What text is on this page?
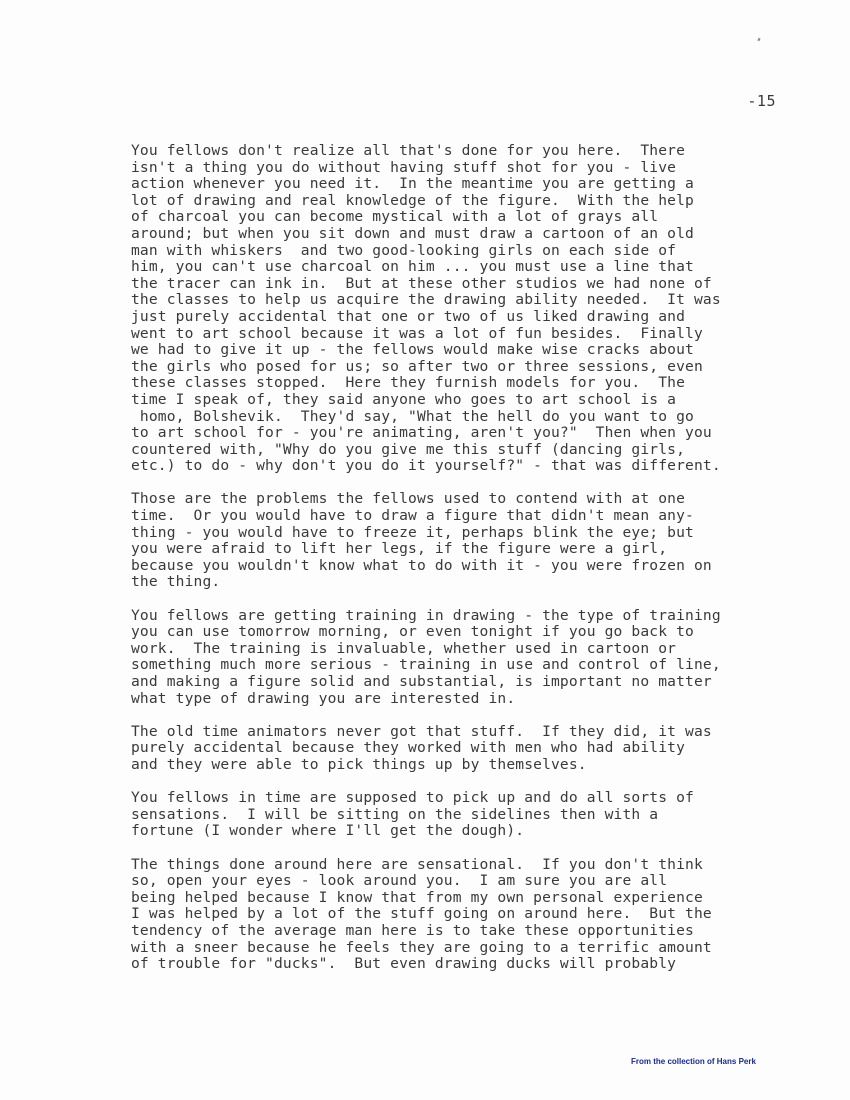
-15
You fellows don't realize all that's done for you here.  There
isn't a thing you do without having stuff shot for you - live
action whenever you need it.  In the meantime you are getting a
lot of drawing and real knowledge of the figure.  With the help
of charcoal you can become mystical with a lot of grays all
around; but when you sit down and must draw a cartoon of an old
man with whiskers  and two good-looking girls on each side of
him, you can't use charcoal on him ... you must use a line that
the tracer can ink in.  But at these other studios we had none of
the classes to help us acquire the drawing ability needed.  It was
just purely accidental that one or two of us liked drawing and
went to art school because it was a lot of fun besides.  Finally
we had to give it up - the fellows would make wise cracks about
the girls who posed for us; so after two or three sessions, even
these classes stopped.  Here they furnish models for you.  The
time I speak of, they said anyone who goes to art school is a
homo, Bolshevik.  They'd say, "What the hell do you want to go
to art school for - you're animating, aren't you?"  Then when you
countered with, "Why do you give me this stuff (dancing girls,
etc.) to do - why don't you do it yourself?" - that was different.
Those are the problems the fellows used to contend with at one
time.  Or you would have to draw a figure that didn't mean any-
thing - you would have to freeze it, perhaps blink the eye; but
you were afraid to lift her legs, if the figure were a girl,
because you wouldn't know what to do with it - you were frozen on
the thing.
You fellows are getting training in drawing - the type of training
you can use tomorrow morning, or even tonight if you go back to
work.  The training is invaluable, whether used in cartoon or
something much more serious - training in use and control of line,
and making a figure solid and substantial, is important no matter
what type of drawing you are interested in.
The old time animators never got that stuff.  If they did, it was
purely accidental because they worked with men who had ability
and they were able to pick things up by themselves.
You fellows in time are supposed to pick up and do all sorts of
sensations.  I will be sitting on the sidelines then with a
fortune (I wonder where I'll get the dough).
The things done around here are sensational.  If you don't think
so, open your eyes - look around you.  I am sure you are all
being helped because I know that from my own personal experience
I was helped by a lot of the stuff going on around here.  But the
tendency of the average man here is to take these opportunities
with a sneer because he feels they are going to a terrific amount
of trouble for "ducks".  But even drawing ducks will probably
From the collection of Hans Perk
